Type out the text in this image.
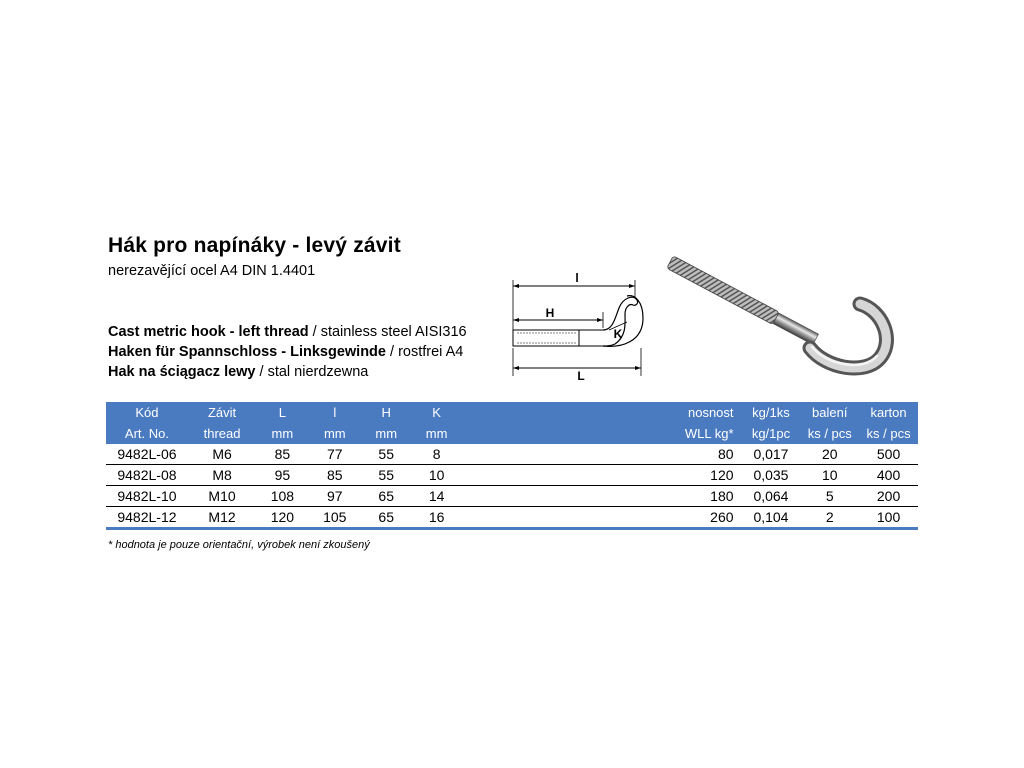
Hák pro napínáky - levý závit
nerezavějící ocel A4 DIN 1.4401
Cast metric hook - left thread / stainless steel AISI316
Haken für Spannschloss - Linksgewinde / rostfrei A4
Hak na ściągacz lewy / stal nierdzewna
l
H
K
L
Kód	Závit	L	l	H	K		nosnost	kg/1ks	balení	karton
Art. No.	thread	mm	mm	mm	mm		WLL kg*	kg/1pc	ks / pcs	ks / pcs
9482L-06	M6	85	77	55	8		80	0,017	20	500
9482L-08	M8	95	85	55	10		120	0,035	10	400
9482L-10	M10	108	97	65	14		180	0,064	5	200
9482L-12	M12	120	105	65	16		260	0,104	2	100
* hodnota je pouze orientační, výrobek není zkoušený
